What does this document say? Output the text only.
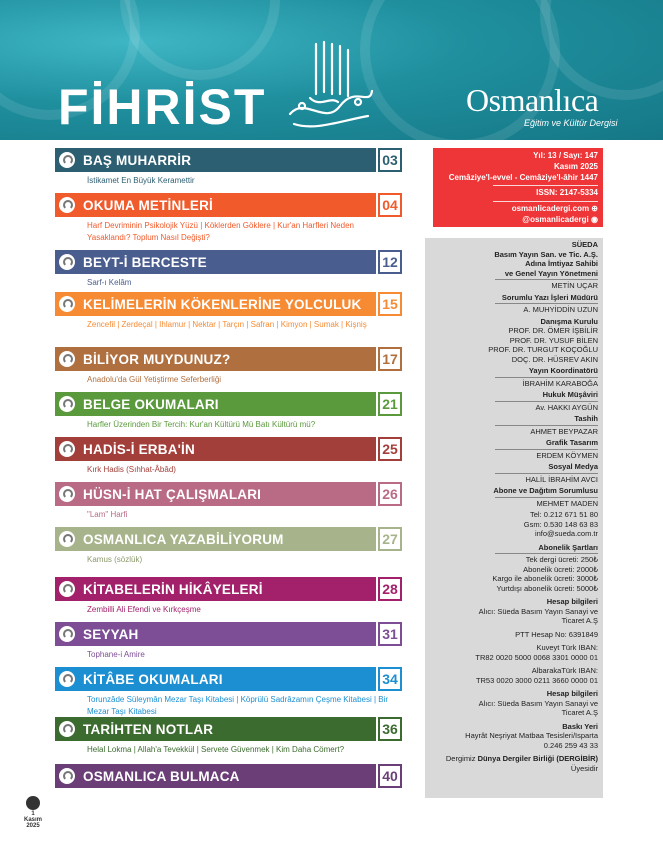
FİHRİST	Osmanlıca
Eğitim ve Kültür Dergisi
BAŞ MUHARRİR	03
İstikamet En Büyük Keramettir
OKUMA METİNLERİ	04
Harf Devriminin Psikolojik Yüzü | Köklerden Göklere | Kur'an Harfleri Neden Yasaklandı? Toplum Nasıl Değişti?
BEYT-İ BERCESTE	12
Sarf-ı Kelâm
KELİMELERİN KÖKENLERİNE YOLCULUK	15
Zencefil | Zerdeçal | Ihlamur | Nektar | Tarçın | Safran | Kimyon | Sumak | Kişniş
BİLİYOR MUYDUNUZ?	17
Anadolu'da Gül Yetiştirme Seferberliği
BELGE OKUMALARI	21
Harfler Üzerinden Bir Tercih: Kur'an Kültürü Mü Batı Kültürü mü?
HADİS-İ ERBA'İN	25
Kırk Hadis (Sıhhat-Âbâd)
HÜSN-İ HAT ÇALIŞMALARI	26
"Lam" Harfi
OSMANLICA YAZABİLİYORUM	27
Kamus (sözlük)
KİTABELERİN HİKÂYELERİ	28
Zembilli Ali Efendi ve Kırkçeşme
SEYYAH	31
Tophane-i Amire
KİTÂBE OKUMALARI	34
Torunzâde Süleymân Mezar Taşı Kitabesi | Köprülü Sadrâzamın Çeşme Kitabesi | Bir Mezar Taşı Kitabesi
TARİHTEN NOTLAR	36
Helal Lokma | Allah'a Tevekkül | Servete Güvenmek | Kim Daha Cömert?
OSMANLICA BULMACA	40
Yıl: 13 / Sayı: 147
Kasım 2025
Cemâziye'l-evvel - Cemâziye'l-âhir 1447
ISSN: 2147-5334
osmanlicadergi.com ⊕
@osmanlicadergi ◉
SÜEDA
Basım Yayın San. ve Tic. A.Ş.
Adına İmtiyaz Sahibi
ve Genel Yayın Yönetmeni
METİN UÇAR
Sorumlu Yazı İşleri Müdürü
A. MUHYİDDİN UZUN
Danışma Kurulu
PROF. DR. ÖMER İŞBİLİR
PROF. DR. YUSUF BİLEN
PROF. DR. TURGUT KOÇOĞLU
DOÇ. DR. HÜSREV AKIN
Yayın Koordinatörü
İBRAHİM KARABOĞA
Hukuk Müşâviri
Av. HAKKI AYGÜN
Tashih
AHMET BEYPAZAR
Grafik Tasarım
ERDEM KÖYMEN
Sosyal Medya
HALİL İBRAHİM AVCI
Abone ve Dağıtım Sorumlusu
MEHMET MADEN
Tel: 0.212 671 51 80
Gsm: 0.530 148 63 83
info@sueda.com.tr
Abonelik Şartları
Tek dergi ücreti: 250₺
Abonelik ücreti: 2000₺
Kargo ile abonelik ücreti: 3000₺
Yurtdışı abonelik ücreti: 5000₺
Hesap bilgileri
Alıcı: Süeda Basım Yayın Sanayi ve
Ticaret A.Ş
PTT Hesap No: 6391849
Kuveyt Türk IBAN:
TR82 0020 5000 0068 3301 0000 01
AlbarakaTürk IBAN:
TR53 0020 3000 0211 3660 0000 01
Hesap bilgileri
Alıcı: Süeda Basım Yayın Sanayi ve
Ticaret A.Ş
Baskı Yeri
Hayrât Neşriyat Matbaa Tesisleri/Isparta
0.246 259 43 33
Dergimiz Dünya Dergiler Birliği (DERGİBİR)
Üyesidir
1
Kasım
2025
